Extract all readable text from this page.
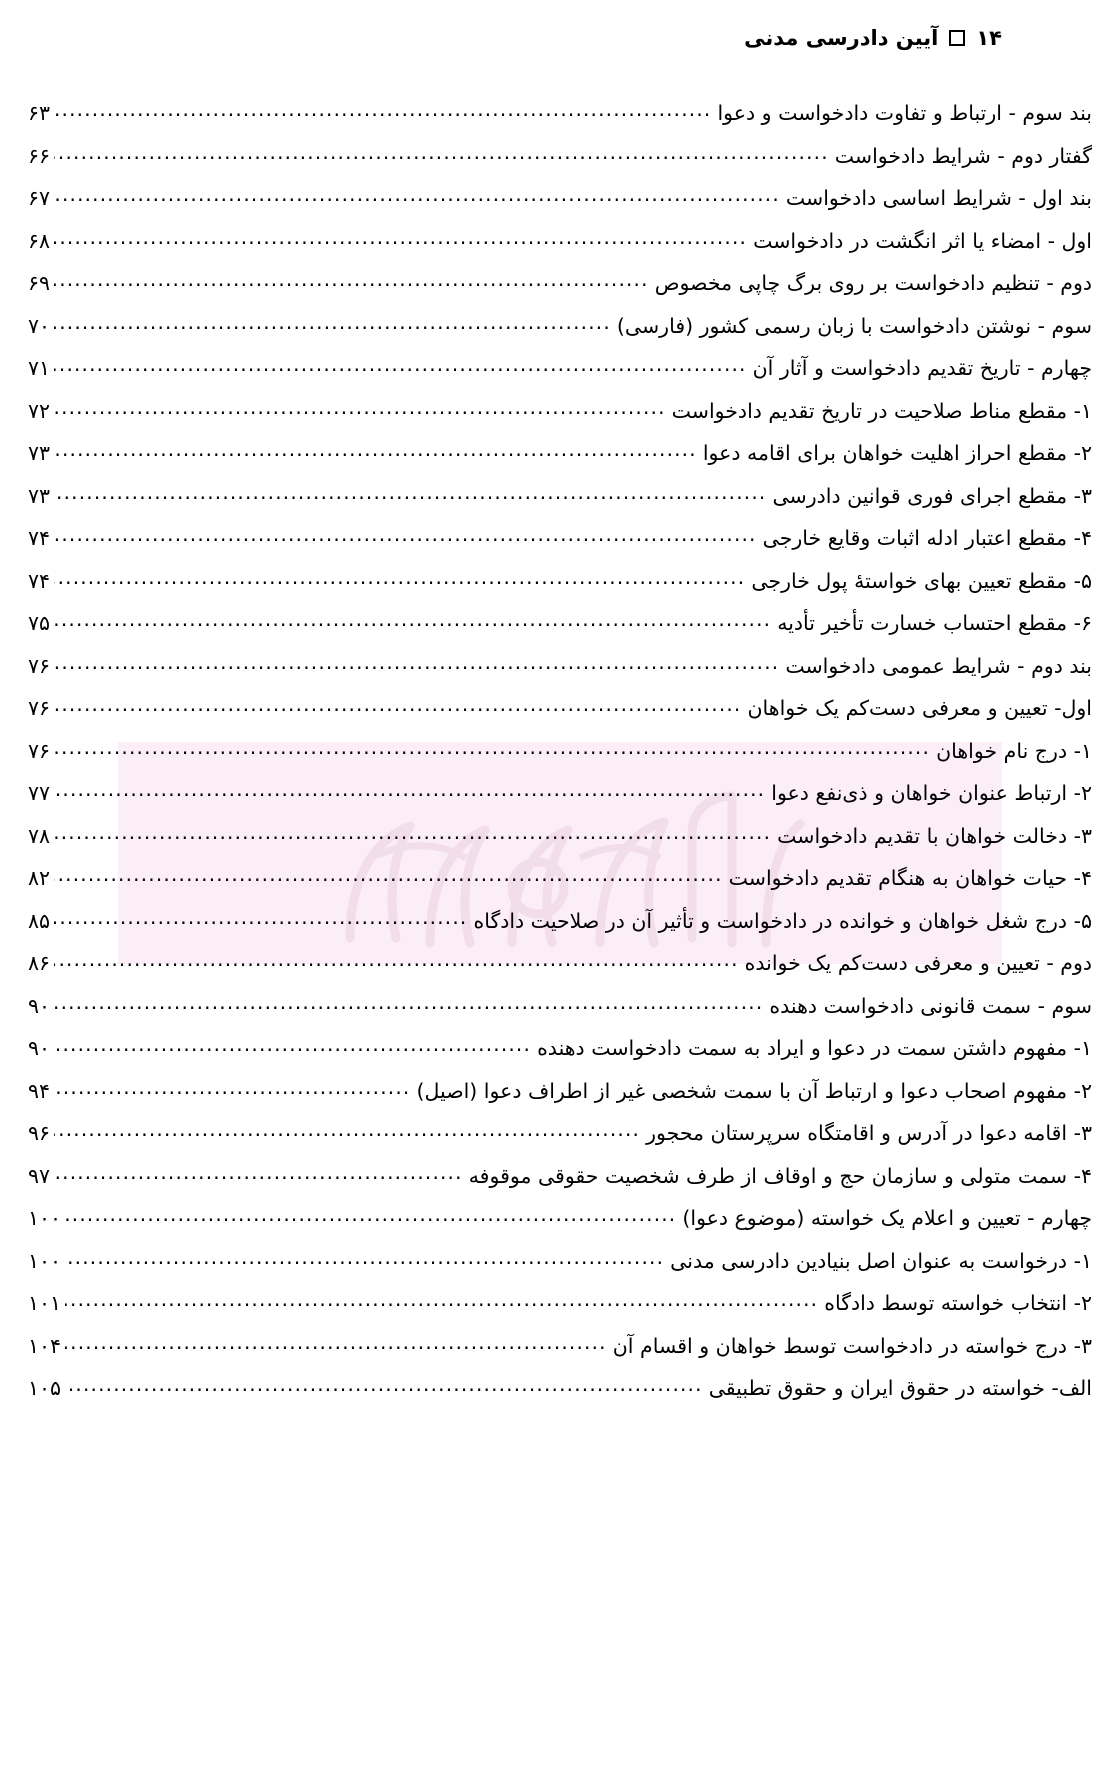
۱۴
آیین دادرسی مدنی
بند سوم - ارتباط و تفاوت دادخواست و دعوا
.....
۶۳
گفتار دوم - شرایط دادخواست
.....
۶۶
بند اول - شرایط اساسی دادخواست
.....
۶۷
اول - امضاء یا اثر انگشت در دادخواست
.....
۶۸
دوم - تنظیم دادخواست بر روی برگ چاپی مخصوص
.....
۶۹
سوم - نوشتن دادخواست با زبان رسمی کشور (فارسی)
.....
۷۰
چهارم - تاریخ تقدیم دادخواست و آثار آن
.....
۷۱
۱- مقطع مناط صلاحیت در تاریخ تقدیم دادخواست
.....
۷۲
۲- مقطع احراز اهلیت خواهان برای اقامه دعوا
.....
۷۳
۳- مقطع اجرای فوری قوانین دادرسی
.....
۷۳
۴- مقطع اعتبار ادله اثبات وقایع خارجی
.....
۷۴
۵- مقطع تعیین بهای خواستهٔ پول خارجی
.....
۷۴
۶- مقطع احتساب خسارت تأخیر تأدیه
.....
۷۵
بند دوم - شرایط عمومی دادخواست
.....
۷۶
اول- تعیین و معرفی دست‌کم یک خواهان
.....
۷۶
۱- درج نام خواهان
.....
۷۶
۲- ارتباط عنوان خواهان و ذی‌نفع دعوا
.....
۷۷
۳- دخالت خواهان با تقدیم دادخواست
.....
۷۸
۴- حیات خواهان به هنگام تقدیم دادخواست
.....
۸۲
۵- درج شغل خواهان و خوانده در دادخواست و تأثیر آن در صلاحیت دادگاه
.....
۸۵
دوم - تعیین و معرفی دست‌کم یک خوانده
.....
۸۶
سوم - سمت قانونی دادخواست دهنده
.....
۹۰
۱- مفهوم داشتن سمت در دعوا و ایراد به سمت دادخواست دهنده
.....
۹۰
۲- مفهوم اصحاب دعوا و ارتباط آن با سمت شخصی غیر از اطراف دعوا (اصیل)
.....
۹۴
۳- اقامه دعوا در آدرس و اقامتگاه سرپرستان محجور
.....
۹۶
۴- سمت متولی و سازمان حج و اوقاف از طرف شخصیت حقوقی موقوفه
.....
۹۷
چهارم - تعیین و اعلام یک خواسته (موضوع دعوا)
.....
۱۰۰
۱- درخواست به عنوان اصل بنیادین دادرسی مدنی
.....
۱۰۰
۲- انتخاب خواسته توسط دادگاه
.....
۱۰۱
۳- درج خواسته در دادخواست توسط خواهان و اقسام آن
.....
۱۰۴
الف- خواسته در حقوق ایران و حقوق تطبیقی
.....
۱۰۵
